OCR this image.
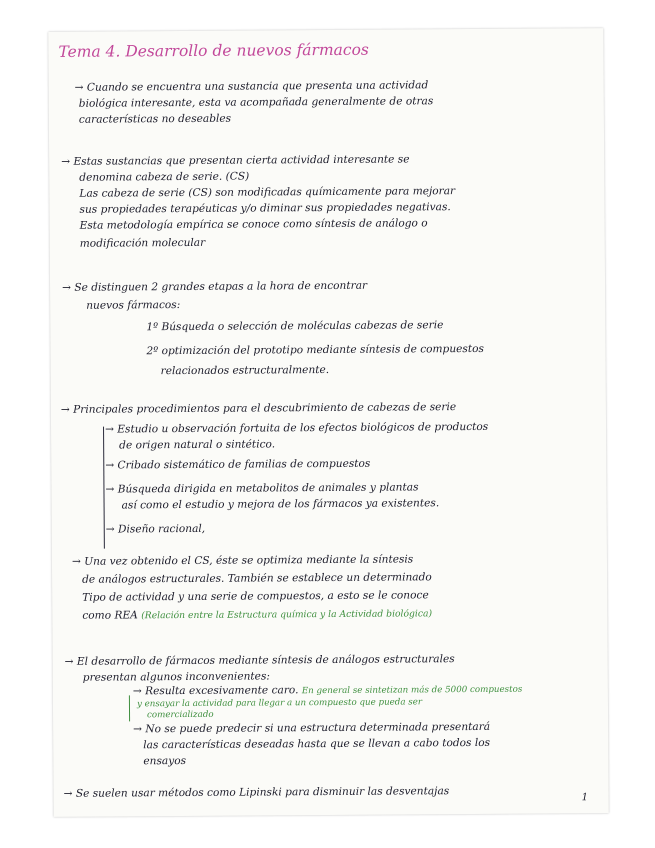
Tema 4. Desarrollo de nuevos fármacos
→ Cuando se encuentra una sustancia que presenta una actividad
biológica interesante, esta va acompañada generalmente de otras
características no deseables
→ Estas sustancias que presentan cierta actividad interesante se
denomina cabeza de serie. (CS)
Las cabeza de serie (CS) son modificadas químicamente para mejorar
sus propiedades terapéuticas y/o diminar sus propiedades negativas.
Esta metodología empírica se conoce como síntesis de análogo o
modificación molecular
→ Se distinguen 2 grandes etapas a la hora de encontrar
nuevos fármacos:
1º Búsqueda o selección de moléculas cabezas de serie
2º optimización del prototipo mediante síntesis de compuestos
relacionados estructuralmente.
→ Principales procedimientos para el descubrimiento de cabezas de serie
→ Estudio u observación fortuita de los efectos biológicos de productos
de origen natural o sintético.
→ Cribado sistemático de familias de compuestos
→ Búsqueda dirigida en metabolitos de animales y plantas
así como el estudio y mejora de los fármacos ya existentes.
→ Diseño racional,
→ Una vez obtenido el CS, éste se optimiza mediante la síntesis
de análogos estructurales. También se establece un determinado
Tipo de actividad y una serie de compuestos, a esto se le conoce
como REA (Relación entre la Estructura química y la Actividad biológica)
→ El desarrollo de fármacos mediante síntesis de análogos estructurales
presentan algunos inconvenientes:
→ Resulta excesivamente caro. En general se sintetizan más de 5000 compuestos
y ensayar la actividad para llegar a un compuesto que pueda ser
comercializado
→ No se puede predecir si una estructura determinada presentará
las características deseadas hasta que se llevan a cabo todos los
ensayos
→ Se suelen usar métodos como Lipinski para disminuir las desventajas	1
